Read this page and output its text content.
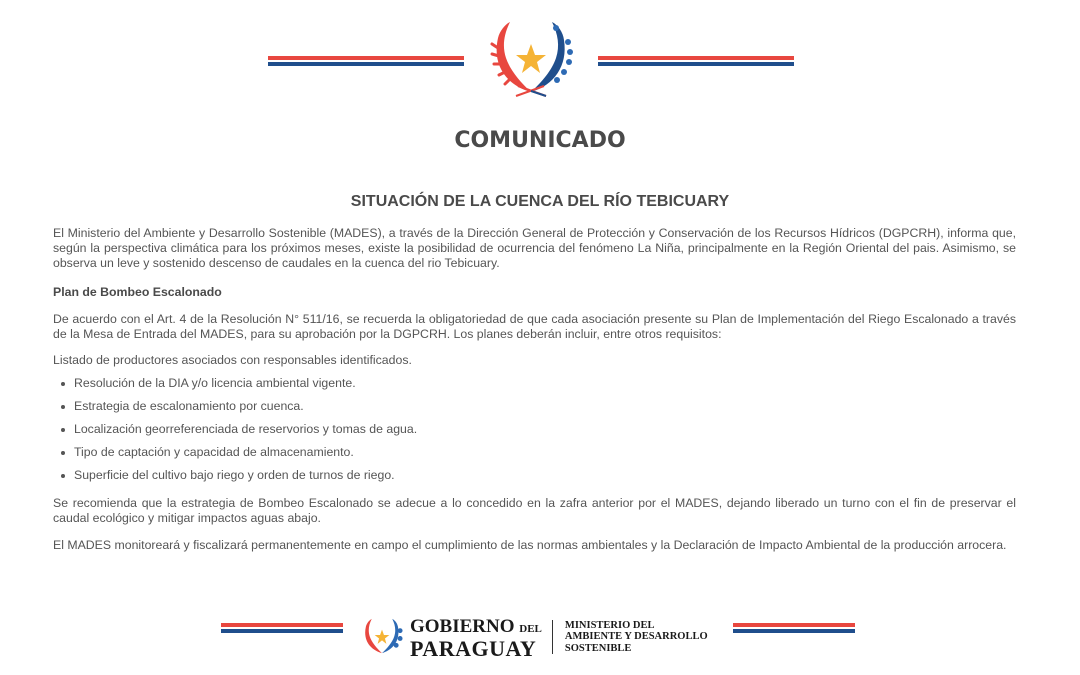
COMUNICADO
SITUACIÓN DE LA CUENCA DEL RÍO TEBICUARY
El Ministerio del Ambiente y Desarrollo Sostenible (MADES), a través de la Dirección General de Protección y Conservación de los Recursos Hídricos (DGPCRH), informa que, según la perspectiva climática para los próximos meses, existe la posibilidad de ocurrencia del fenómeno La Niña, principalmente en la Región Oriental del pais. Asimismo, se observa un leve y sostenido descenso de caudales en la cuenca del rio Tebicuary.
Plan de Bombeo Escalonado
De acuerdo con el Art. 4 de la Resolución N° 511/16, se recuerda la obligatoriedad de que cada asociación presente su Plan de Implementación del Riego Escalonado a través de la Mesa de Entrada del MADES, para su aprobación por la DGPCRH. Los planes deberán incluir, entre otros requisitos:
Listado de productores asociados con responsables identificados.
Resolución de la DIA y/o licencia ambiental vigente.
Estrategia de escalonamiento por cuenca.
Localización georreferenciada de reservorios y tomas de agua.
Tipo de captación y capacidad de almacenamiento.
Superficie del cultivo bajo riego y orden de turnos de riego.
Se recomienda que la estrategia de Bombeo Escalonado se adecue a lo concedido en la zafra anterior por el MADES, dejando liberado un turno con el fin de preservar el caudal ecológico y mitigar impactos aguas abajo.
El MADES monitoreará y fiscalizará permanentemente en campo el cumplimiento de las normas ambientales y la Declaración de Impacto Ambiental de la producción arrocera.
GOBIERNO DEL
PARAGUAY
MINISTERIO DEL
AMBIENTE Y DESARROLLO
SOSTENIBLE
